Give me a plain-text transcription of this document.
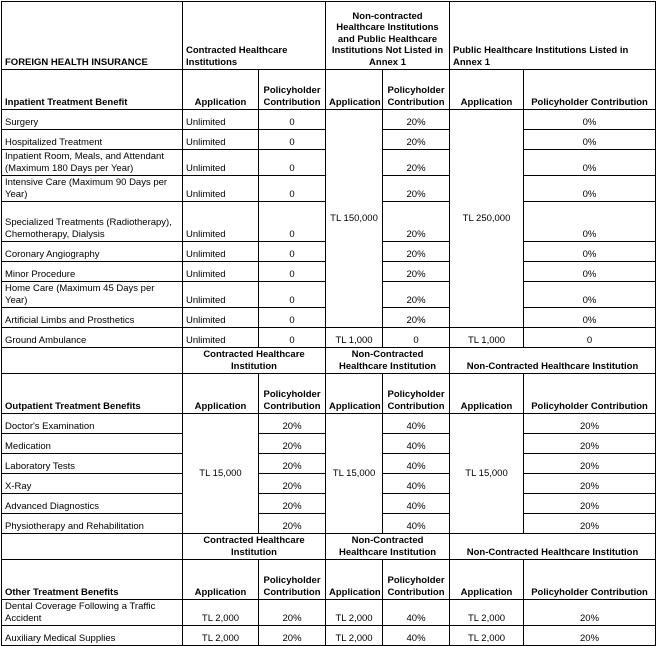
FOREIGN HEALTH INSURANCE	Contracted Healthcare Institutions		Non-contracted Healthcare Institutions and Public Healthcare Institutions Not Listed in Annex 1		Public Healthcare Institutions Listed in Annex 1	
Inpatient Treatment Benefit	Application	Policyholder Contribution	Application	Policyholder Contribution	Application	Policyholder Contribution
Surgery	Unlimited	0	TL 150,000	20%	TL 250,000	0%
Hospitalized Treatment	Unlimited	0		20%		0%
Inpatient Room, Meals, and Attendant (Maximum 180 Days per Year)	Unlimited	0		20%		0%
Intensive Care (Maximum 90 Days per Year)	Unlimited	0		20%		0%
Specialized Treatments (Radiotherapy), Chemotherapy, Dialysis	Unlimited	0		20%		0%
Coronary Angiography	Unlimited	0		20%		0%
Minor Procedure	Unlimited	0		20%		0%
Home Care (Maximum 45 Days per Year)	Unlimited	0		20%		0%
Artificial Limbs and Prosthetics	Unlimited	0		20%		0%
Ground Ambulance	Unlimited	0	TL 1,000	0	TL 1,000	0
	Contracted Healthcare Institution		Non-Contracted Healthcare Institution		Non-Contracted Healthcare Institution	
Outpatient Treatment Benefits	Application	Policyholder Contribution	Application	Policyholder Contribution	Application	Policyholder Contribution
Doctor's Examination	TL 15,000	20%	TL 15,000	40%	TL 15,000	20%
Medication		20%		40%		20%
Laboratory Tests		20%		40%		20%
X-Ray		20%		40%		20%
Advanced Diagnostics		20%		40%		20%
Physiotherapy and Rehabilitation		20%		40%		20%
	Contracted Healthcare Institution		Non-Contracted Healthcare Institution		Non-Contracted Healthcare Institution	
Other Treatment Benefits	Application	Policyholder Contribution	Application	Policyholder Contribution	Application	Policyholder Contribution
Dental Coverage Following a Traffic Accident	TL 2,000	20%	TL 2,000	40%	TL 2,000	20%
Auxiliary Medical Supplies	TL 2,000	20%	TL 2,000	40%	TL 2,000	20%
